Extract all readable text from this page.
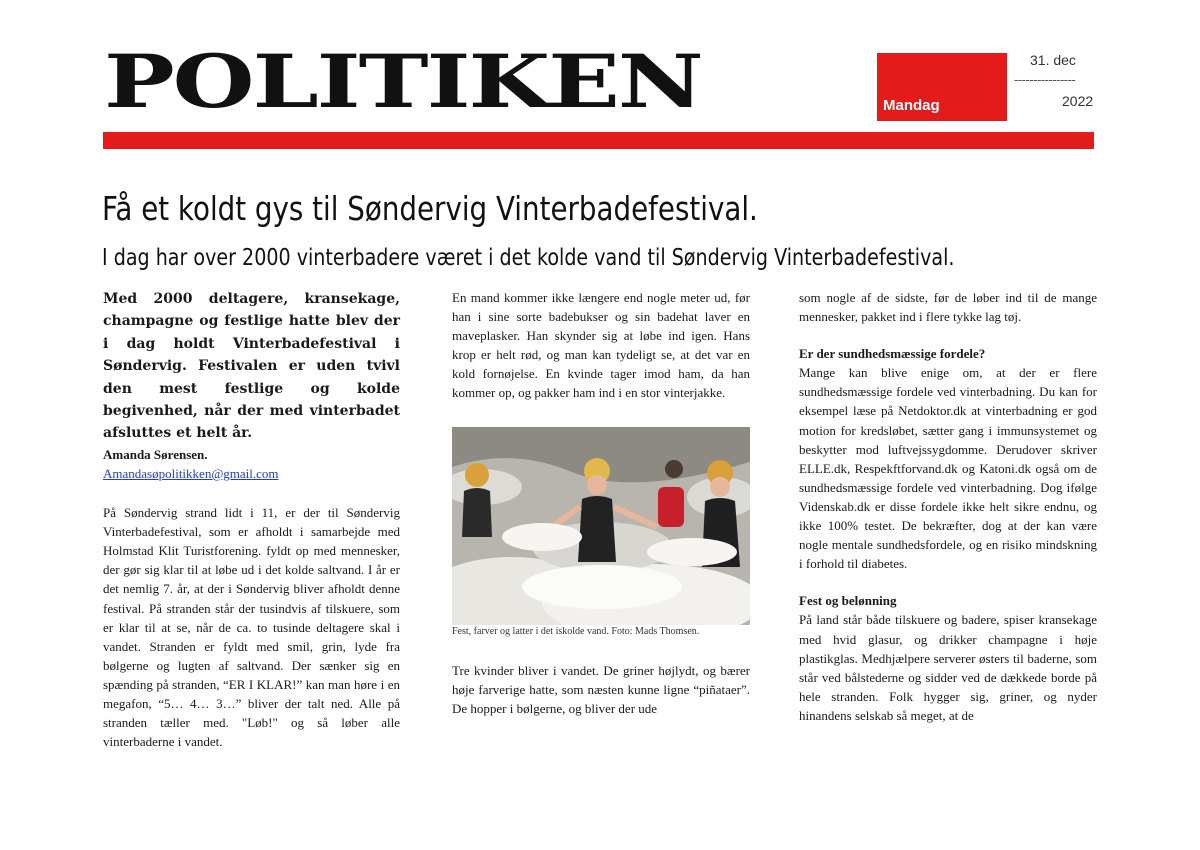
POLITIKEN	Mandag
31. dec
----------------
2022
Få et koldt gys til Søndervig Vinterbadefestival.
I dag har over 2000 vinterbadere været i det kolde vand til Søndervig Vinterbadefestival.

Med 2000 deltagere, kransekage, champagne og festlige hatte blev der i dag holdt Vinterbadefestival i Søndervig. Festivalen er uden tvivl den mest festlige og kolde begivenhed, når der med vinterbadet afsluttes et helt år.

Amanda Sørensen.

Amandasøpolitikken@gmail.com

På Søndervig strand lidt i 11, er der til Søndervig Vinterbadefestival, som er afholdt i samarbejde med Holmstad Klit Turistforening. fyldt op med mennesker, der gør sig klar til at løbe ud i det kolde saltvand. I år er det nemlig 7. år, at der i Søndervig bliver afholdt denne festival. På stranden står der tusindvis af tilskuere, som er klar til at se, når de ca. to tusinde deltagere skal i vandet. Stranden er fyldt med smil, grin, lyde fra bølgerne og lugten af saltvand. Der sænker sig en spænding på stranden, “ER I KLAR!” kan man høre i en megafon, “5… 4… 3…” bliver der talt ned. Alle på stranden tæller med. "Løb!" og så løber alle vinterbaderne i vandet.

En mand kommer ikke længere end nogle meter ud, før han i sine sorte badebukser og sin badehat laver en maveplasker. Han skynder sig at løbe ind igen. Hans krop er helt rød, og man kan tydeligt se, at det var en kold fornøjelse. En kvinde tager imod ham, da han kommer op, og pakker ham ind i en stor vinterjakke.

Fest, farver og latter i det iskolde vand. Foto: Mads Thomsen.

Tre kvinder bliver i vandet. De griner højlydt, og bærer høje farverige hatte, som næsten kunne ligne “piñataer”. De hopper i bølgerne, og bliver der ude

som nogle af de sidste, før de løber ind til de mange mennesker, pakket ind i flere tykke lag tøj.

Er der sundhedsmæssige fordele?

Mange kan blive enige om, at der er flere sundhedsmæssige fordele ved vinterbadning. Du kan for eksempel læse på Netdoktor.dk at vinterbadning er god motion for kredsløbet, sætter gang i immunsystemet og beskytter mod luftvejssygdomme. Derudover skriver ELLE.dk, Respekftforvand.dk og Katoni.dk også om de sundhedsmæssige fordele ved vinterbadning. Dog ifølge Videnskab.dk er disse fordele ikke helt sikre endnu, og ikke 100% testet. De bekræfter, dog at der kan være nogle mentale sundhedsfordele, og en risiko mindskning i forhold til diabetes.

Fest og belønning

På land står både tilskuere og badere, spiser kransekage med hvid glasur, og drikker champagne i høje plastikglas. Medhjælpere serverer østers til baderne, som står ved bålstederne og sidder ved de dækkede borde på hele stranden. Folk hygger sig, griner, og nyder hinandens selskab så meget, at de
